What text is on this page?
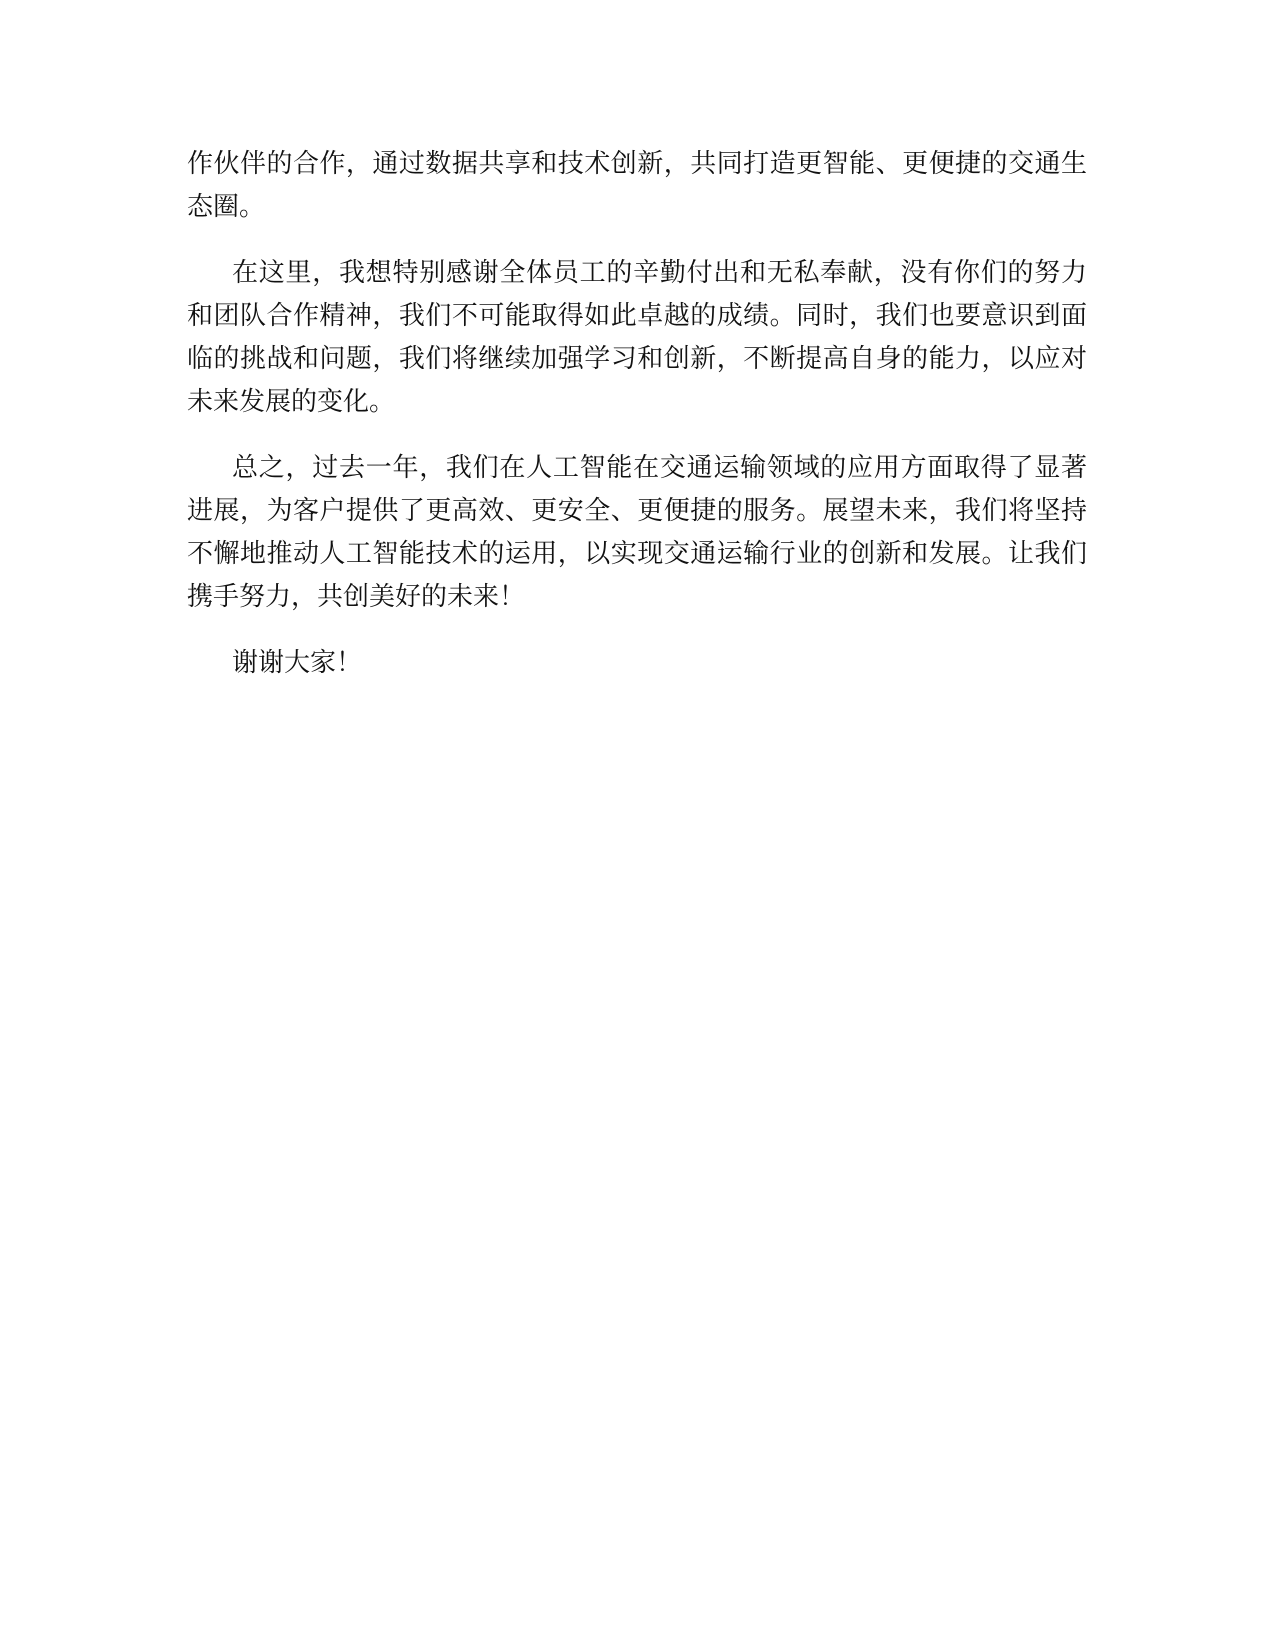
作伙伴的合作，通过数据共享和技术创新，共同打造更智能、更便捷的交通生态圈。

在这里，我想特别感谢全体员工的辛勤付出和无私奉献，没有你们的努力和团队合作精神，我们不可能取得如此卓越的成绩。同时，我们也要意识到面临的挑战和问题，我们将继续加强学习和创新，不断提高自身的能力，以应对未来发展的变化。

总之，过去一年，我们在人工智能在交通运输领域的应用方面取得了显著进展，为客户提供了更高效、更安全、更便捷的服务。展望未来，我们将坚持不懈地推动人工智能技术的运用，以实现交通运输行业的创新和发展。让我们携手努力，共创美好的未来！

谢谢大家！
